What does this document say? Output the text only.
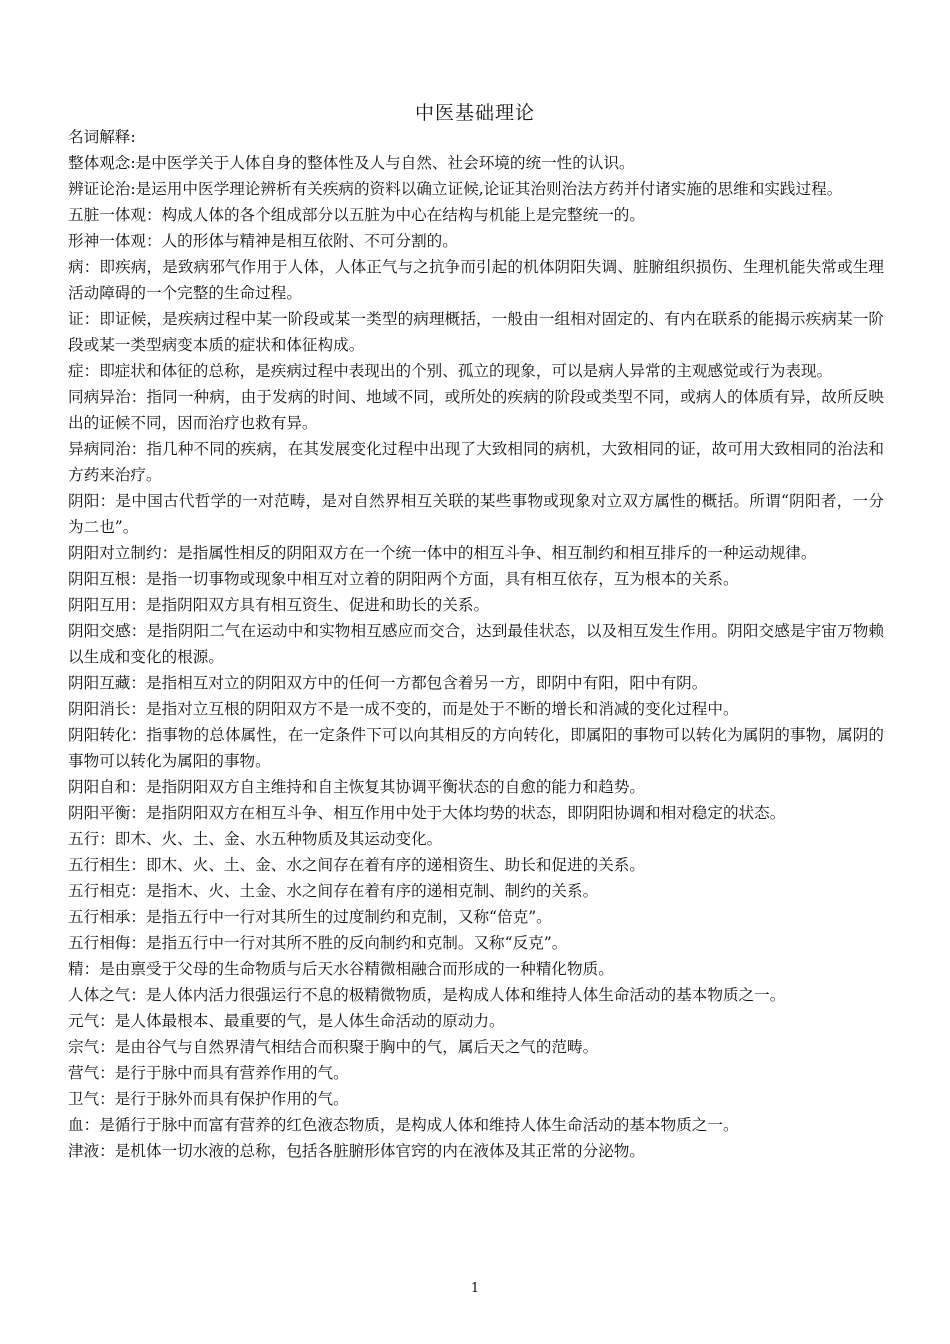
中医基础理论

名词解释:

整体观念:是中医学关于人体自身的整体性及人与自然、社会环境的统一性的认识。

辨证论治:是运用中医学理论辨析有关疾病的资料以确立证候,论证其治则治法方药并付诸实施的思维和实践过程。

五脏一体观：构成人体的各个组成部分以五脏为中心在结构与机能上是完整统一的。

形神一体观：人的形体与精神是相互依附、不可分割的。

病：即疾病，是致病邪气作用于人体，人体正气与之抗争而引起的机体阴阳失调、脏腑组织损伤、生理机能失常或生理活动障碍的一个完整的生命过程。

证：即证候，是疾病过程中某一阶段或某一类型的病理概括，一般由一组相对固定的、有内在联系的能揭示疾病某一阶段或某一类型病变本质的症状和体征构成。

症：即症状和体征的总称，是疾病过程中表现出的个别、孤立的现象，可以是病人异常的主观感觉或行为表现。

同病异治：指同一种病，由于发病的时间、地域不同，或所处的疾病的阶段或类型不同，或病人的体质有异，故所反映出的证候不同，因而治疗也救有异。

异病同治：指几种不同的疾病，在其发展变化过程中出现了大致相同的病机，大致相同的证，故可用大致相同的治法和方药来治疗。

阴阳：是中国古代哲学的一对范畴，是对自然界相互关联的某些事物或现象对立双方属性的概括。所谓“阴阳者，一分为二也”。

阴阳对立制约：是指属性相反的阴阳双方在一个统一体中的相互斗争、相互制约和相互排斥的一种运动规律。

阴阳互根：是指一切事物或现象中相互对立着的阴阳两个方面，具有相互依存，互为根本的关系。

阴阳互用：是指阴阳双方具有相互资生、促进和助长的关系。

阴阳交感：是指阴阳二气在运动中和实物相互感应而交合，达到最佳状态，以及相互发生作用。阴阳交感是宇宙万物赖以生成和变化的根源。

阴阳互藏：是指相互对立的阴阳双方中的任何一方都包含着另一方，即阴中有阳，阳中有阴。

阴阳消长：是指对立互根的阴阳双方不是一成不变的，而是处于不断的增长和消减的变化过程中。

阴阳转化：指事物的总体属性，在一定条件下可以向其相反的方向转化，即属阳的事物可以转化为属阴的事物，属阴的事物可以转化为属阳的事物。

阴阳自和：是指阴阳双方自主维持和自主恢复其协调平衡状态的自愈的能力和趋势。

阴阳平衡：是指阴阳双方在相互斗争、相互作用中处于大体均势的状态，即阴阳协调和相对稳定的状态。

五行：即木、火、土、金、水五种物质及其运动变化。

五行相生：即木、火、土、金、水之间存在着有序的递相资生、助长和促进的关系。

五行相克：是指木、火、土金、水之间存在着有序的递相克制、制约的关系。

五行相承：是指五行中一行对其所生的过度制约和克制，又称“倍克”。

五行相侮：是指五行中一行对其所不胜的反向制约和克制。又称“反克”。

精：是由禀受于父母的生命物质与后天水谷精微相融合而形成的一种精化物质。

人体之气：是人体内活力很强运行不息的极精微物质，是构成人体和维持人体生命活动的基本物质之一。

元气：是人体最根本、最重要的气，是人体生命活动的原动力。

宗气：是由谷气与自然界清气相结合而积聚于胸中的气，属后天之气的范畴。

营气：是行于脉中而具有营养作用的气。

卫气：是行于脉外而具有保护作用的气。

血：是循行于脉中而富有营养的红色液态物质，是构成人体和维持人体生命活动的基本物质之一。

津液：是机体一切水液的总称，包括各脏腑形体官窍的内在液体及其正常的分泌物。

1
